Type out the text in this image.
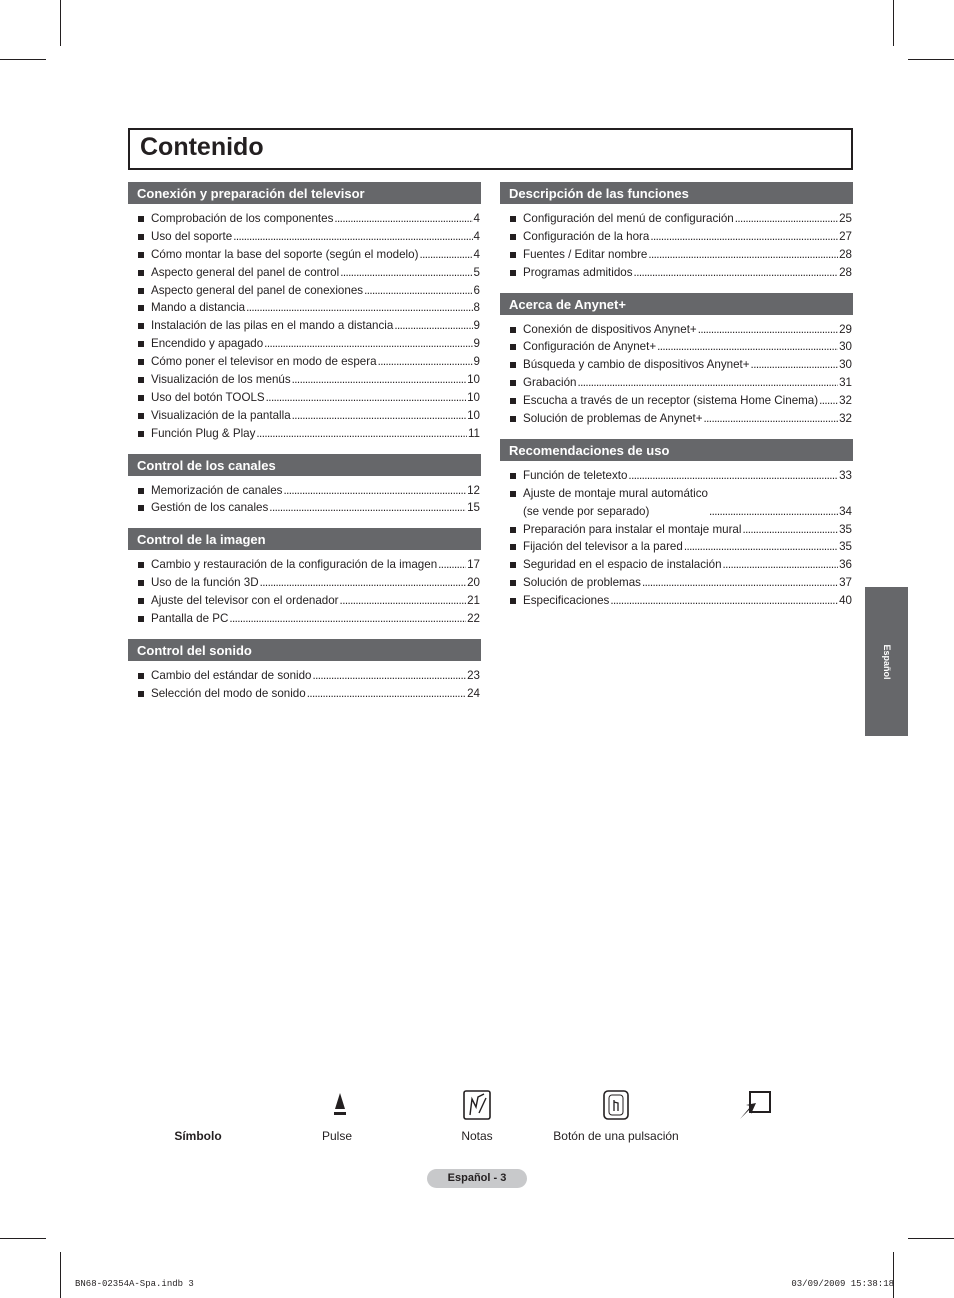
Contenido
Conexión y preparación del televisor
Comprobación de los componentes . . .	4
Uso del soporte . . .	4
Cómo montar la base del soporte (según el modelo) . . .	4
Aspecto general del panel de control . . .	5
Aspecto general del panel de conexiones . . .	6
Mando a distancia . . .	8
Instalación de las pilas en el mando a distancia . . .	9
Encendido y apagado . . .	9
Cómo poner el televisor en modo de espera . . .	9
Visualización de los menús . . .	10
Uso del botón TOOLS . . .	10
Visualización de la pantalla . . .	10
Función Plug & Play . . .	11
Control de los canales
Memorización de canales . . .	12
Gestión de los canales . . .	15
Control de la imagen
Cambio y restauración de la configuración de la imagen . . .	17
Uso de la función 3D . . .	20
Ajuste del televisor con el ordenador . . .	21
Pantalla de PC . . .	22
Control del sonido
Cambio del estándar de sonido . . .	23
Selección del modo de sonido . . .	24
Descripción de las funciones
Configuración del menú de configuración . . .	25
Configuración de la hora . . .	27
Fuentes / Editar nombre . . .	28
Programas admitidos . . .	28
Acerca de Anynet+
Conexión de dispositivos Anynet+ . . .	29
Configuración de Anynet+ . . .	30
Búsqueda y cambio de dispositivos Anynet+ . . .	30
Grabación . . .	31
Escucha a través de un receptor (sistema Home Cinema) . . . 32
Solución de problemas de Anynet+ . . .	32
Recomendaciones de uso
Función de teletexto . . .	33
Ajuste de montaje mural automático
(se vende por separado) . . .	34
Preparación para instalar el montaje mural . . .	35
Fijación del televisor a la pared . . .	35
Seguridad en el espacio de instalación . . .	36
Solución de problemas . . .	37
Especificaciones . . .	40
Español
Símbolo	Pulse	Notas	Botón de una pulsación
Español - 3
BN68-02354A-Spa.indb 3	03/09/2009 15:38:18
